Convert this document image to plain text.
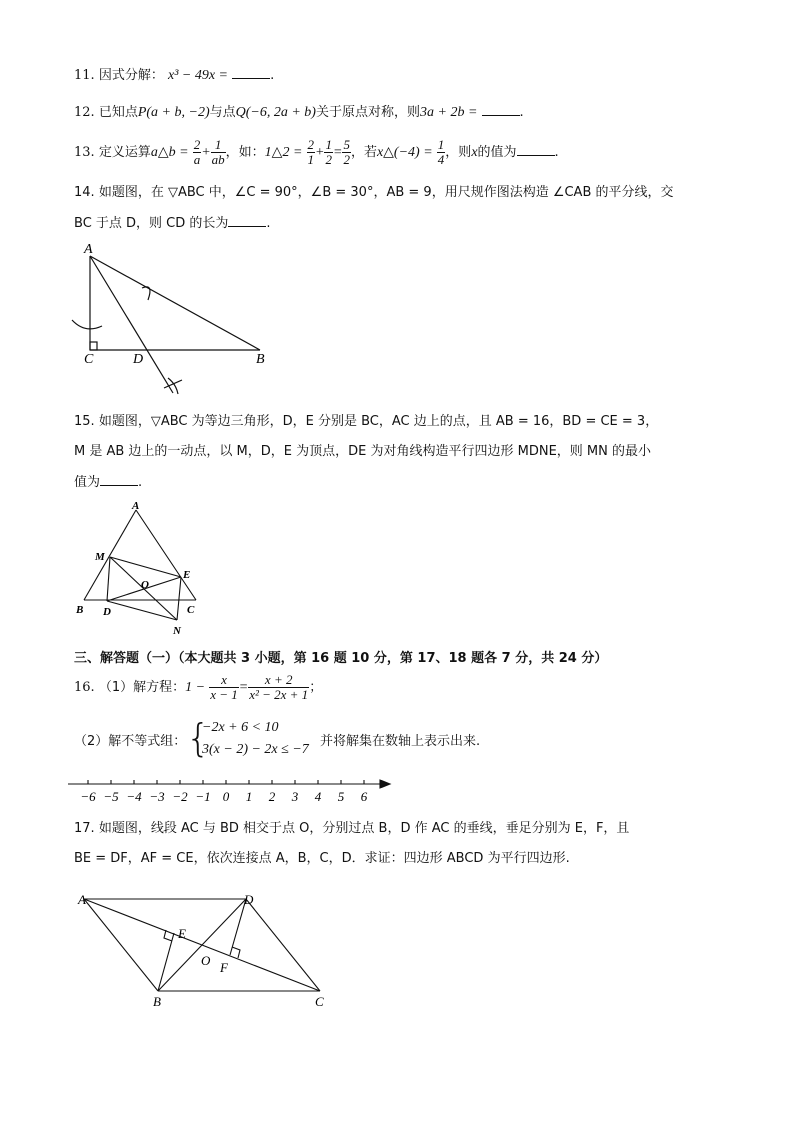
11. 因式分解： x³ − 49x =	.
12. 已知点P(a + b, −2)与点Q(−6, 2a + b)关于原点对称，则3a + 2b =	.
13. 定义运算a△b = $\frac{2}{a} + \frac{1}{ab}$ ，如：1△2 = $\frac{2}{1} + \frac{1}{2} = \frac{5}{2}$ ，若x△(−4) = $\frac{1}{4}$ ，则x的值为	.
14. 如题图，在 ▽ABC 中，∠C = 90°，∠B = 30°，AB = 9，用尺规作图法构造 ∠CAB 的平分线，交
BC 于点 D，则 CD 的长为	.
A
C	D	B
15. 如题图，▽ABC 为等边三角形，D，E 分别是 BC，AC 边上的点，且 AB = 16，BD = CE = 3，
M 是 AB 边上的一动点，以 M，D，E 为顶点，DE 为对角线构造平行四边形 MDNE，则 MN 的最小
值为	.
A
M
O
E
B D	C
N
三、解答题（一）（本大题共 3 小题，第 16 题 10 分，第 17、18 题各 7 分，共 24 分）
16. （1）解方程：$1 - \frac{x}{x - 1} = \frac{x + 2}{\text{x² − 2x + 1}}$ ；
（2）解不等式组： {
−2x + 6 < 10
3(x − 2) − 2x ≤ −7
并将解集在数轴上表示出来.
−6 −5 −4 −3 −2 −1 0 1 2 3 4 5 6
17. 如题图，线段 AC 与 BD 相交于点 O，分别过点 B，D 作 AC 的垂线，垂足分别为 E，F，且
BE = DF，AF = CE，依次连接点 A，B，C，D．求证：四边形 ABCD 为平行四边形.
A	D
E
O F
B	C
